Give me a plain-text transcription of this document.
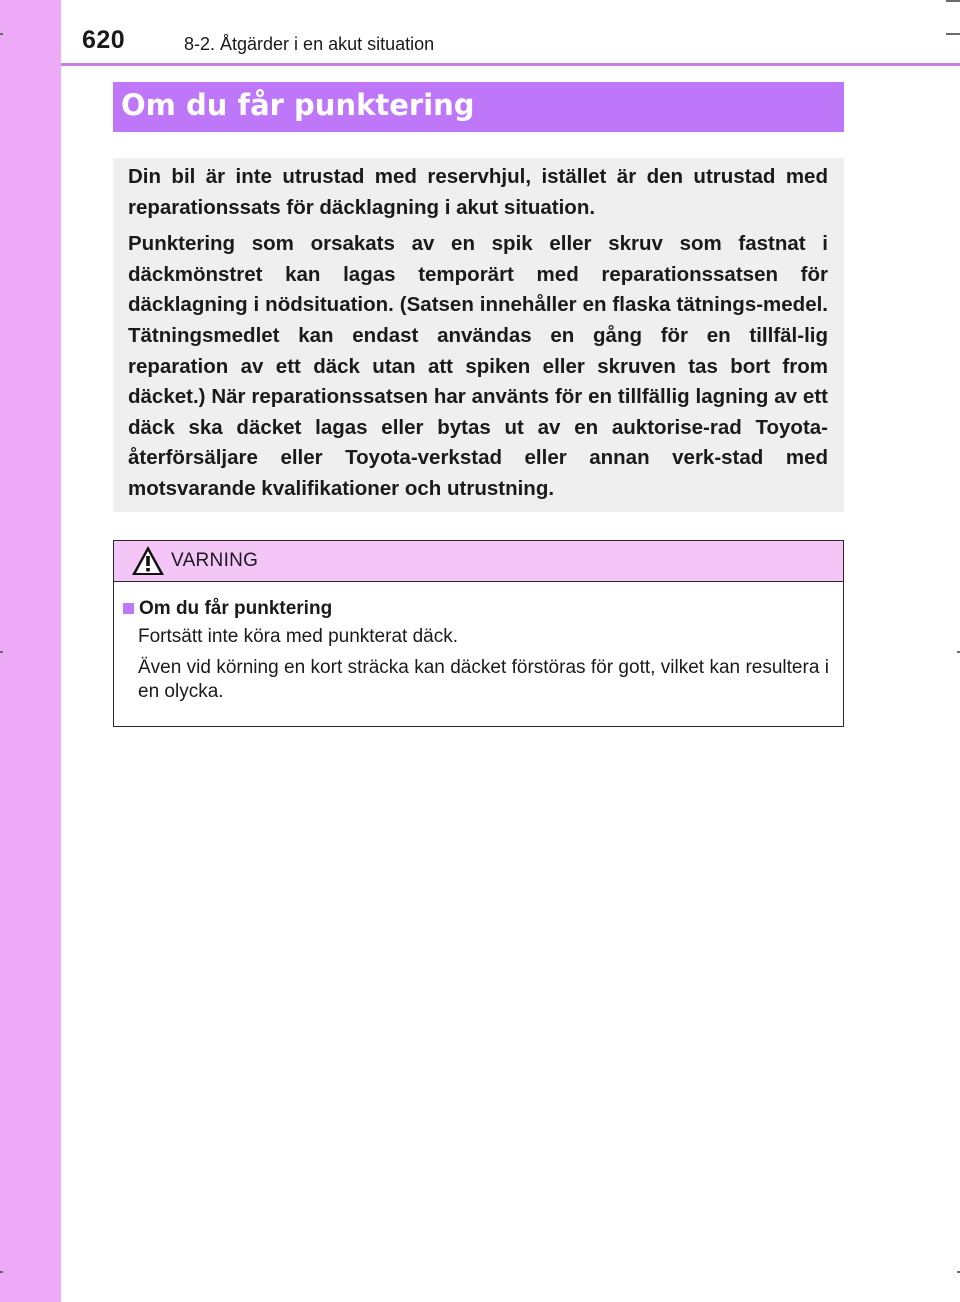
620	8-2. Åtgärder i en akut situation
Om du får punktering

Din bil är inte utrustad med reservhjul, istället är den utrustad med reparationssats för däcklagning i akut situation.

Punktering som orsakats av en spik eller skruv som fastnat i däckmönstret kan lagas temporärt med reparationssatsen för däcklagning i nödsituation. (Satsen innehåller en flaska tätnings-medel. Tätningsmedlet kan endast användas en gång för en tillfäl-lig reparation av ett däck utan att spiken eller skruven tas bort from däcket.) När reparationssatsen har använts för en tillfällig lagning av ett däck ska däcket lagas eller bytas ut av en auktorise-rad Toyota-återförsäljare eller Toyota-verkstad eller annan verk-stad med motsvarande kvalifikationer och utrustning.

VARNING
Om du får punktering

Fortsätt inte köra med punkterat däck.

Även vid körning en kort sträcka kan däcket förstöras för gott, vilket kan resultera i en olycka.
